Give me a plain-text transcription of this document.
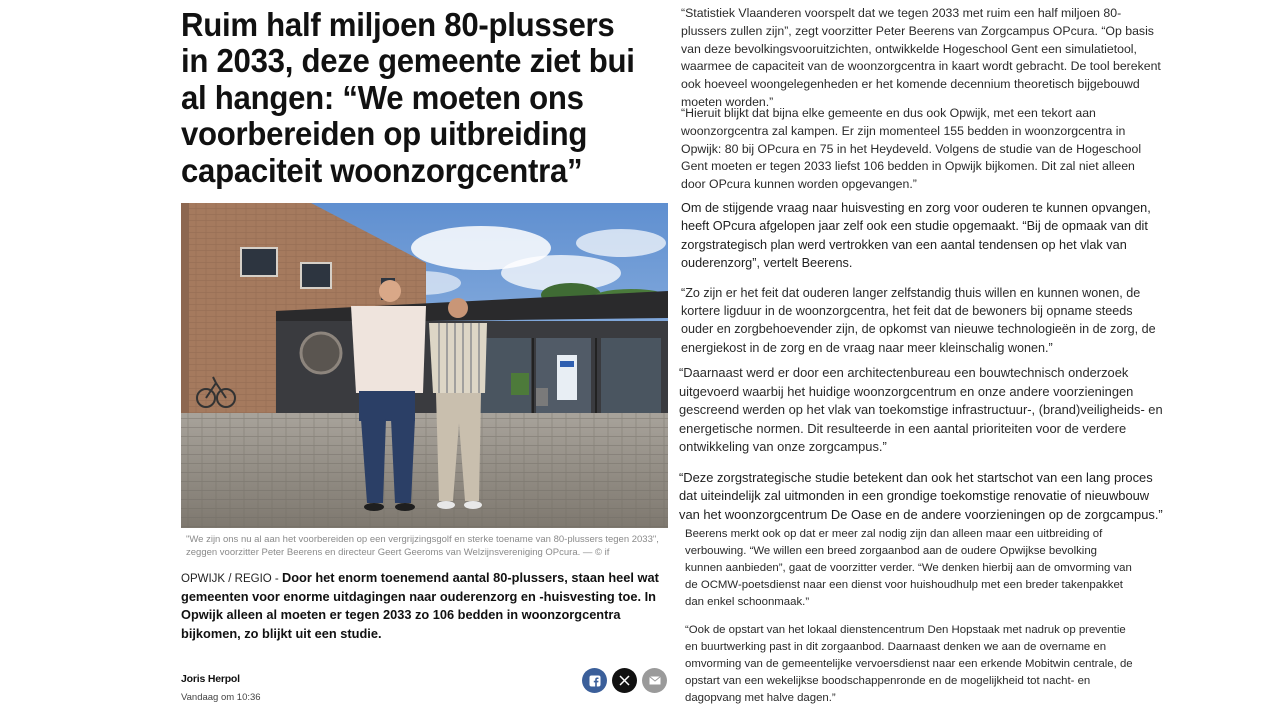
Ruim half miljoen 80-plussers in 2033, deze gemeente ziet bui al hangen: “We moeten ons voorbereiden op uitbreiding capaciteit woonzorgcentra”
"We zijn ons nu al aan het voorbereiden op een vergrijzingsgolf en sterke toename van 80-plussers tegen 2033", zeggen voorzitter Peter Beerens en directeur Geert Geeroms van Welzijnsvereniging OPcura. — © if
OPWIJK / REGIO - Door het enorm toenemend aantal 80-plussers, staan heel wat gemeenten voor enorme uitdagingen naar ouderenzorg en -huisvesting toe. In Opwijk alleen al moeten er tegen 2033 zo 106 bedden in woonzorgcentra bijkomen, zo blijkt uit een studie.
Joris Herpol
Vandaag om 10:36

“Statistiek Vlaanderen voorspelt dat we tegen 2033 met ruim een half miljoen 80-plussers zullen zijn”, zegt voorzitter Peter Beerens van Zorgcampus OPcura. “Op basis van deze bevolkingsvooruitzichten, ontwikkelde Hogeschool Gent een simulatietool, waarmee de capaciteit van de woonzorgcentra in kaart wordt gebracht. De tool berekent ook hoeveel woongelegenheden er het komende decennium theoretisch bijgebouwd moeten worden.”

“Hieruit blijkt dat bijna elke gemeente en dus ook Opwijk, met een tekort aan woonzorgcentra zal kampen. Er zijn momenteel 155 bedden in woonzorgcentra in Opwijk: 80 bij OPcura en 75 in het Heydeveld. Volgens de studie van de Hogeschool Gent moeten er tegen 2033 liefst 106 bedden in Opwijk bijkomen. Dit zal niet alleen door OPcura kunnen worden opgevangen.”

Om de stijgende vraag naar huisvesting en zorg voor ouderen te kunnen opvangen, heeft OPcura afgelopen jaar zelf ook een studie opgemaakt. “Bij de opmaak van dit zorgstrategisch plan werd vertrokken van een aantal tendensen op het vlak van ouderenzorg”, vertelt Beerens.

“Zo zijn er het feit dat ouderen langer zelfstandig thuis willen en kunnen wonen, de kortere ligduur in de woonzorgcentra, het feit dat de bewoners bij opname steeds ouder en zorgbehoevender zijn, de opkomst van nieuwe technologieën in de zorg, de energiekost in de zorg en de vraag naar meer kleinschalig wonen.”

“Daarnaast werd er door een architectenbureau een bouwtechnisch onderzoek uitgevoerd waarbij het huidige woonzorgcentrum en onze andere voorzieningen gescreend werden op het vlak van toekomstige infrastructuur-, (brand)veiligheids- en energetische normen. Dit resulteerde in een aantal prioriteiten voor de verdere ontwikkeling van onze zorgcampus.”

“Deze zorgstrategische studie betekent dan ook het startschot van een lang proces dat uiteindelijk zal uitmonden in een grondige toekomstige renovatie of nieuwbouw van het woonzorgcentrum De Oase en de andere voorzieningen op de zorgcampus.”

Beerens merkt ook op dat er meer zal nodig zijn dan alleen maar een uitbreiding of verbouwing. “We willen een breed zorgaanbod aan de oudere Opwijkse bevolking kunnen aanbieden”, gaat de voorzitter verder. “We denken hierbij aan de omvorming van de OCMW-poetsdienst naar een dienst voor huishoudhulp met een breder takenpakket dan enkel schoonmaak.”

“Ook de opstart van het lokaal dienstencentrum Den Hopstaak met nadruk op preventie en buurtwerking past in dit zorgaanbod. Daarnaast denken we aan de overname en omvorming van de gemeentelijke vervoersdienst naar een erkende Mobitwin centrale, de opstart van een wekelijkse boodschappenronde en de mogelijkheid tot nacht- en dagopvang met halve dagen.”
